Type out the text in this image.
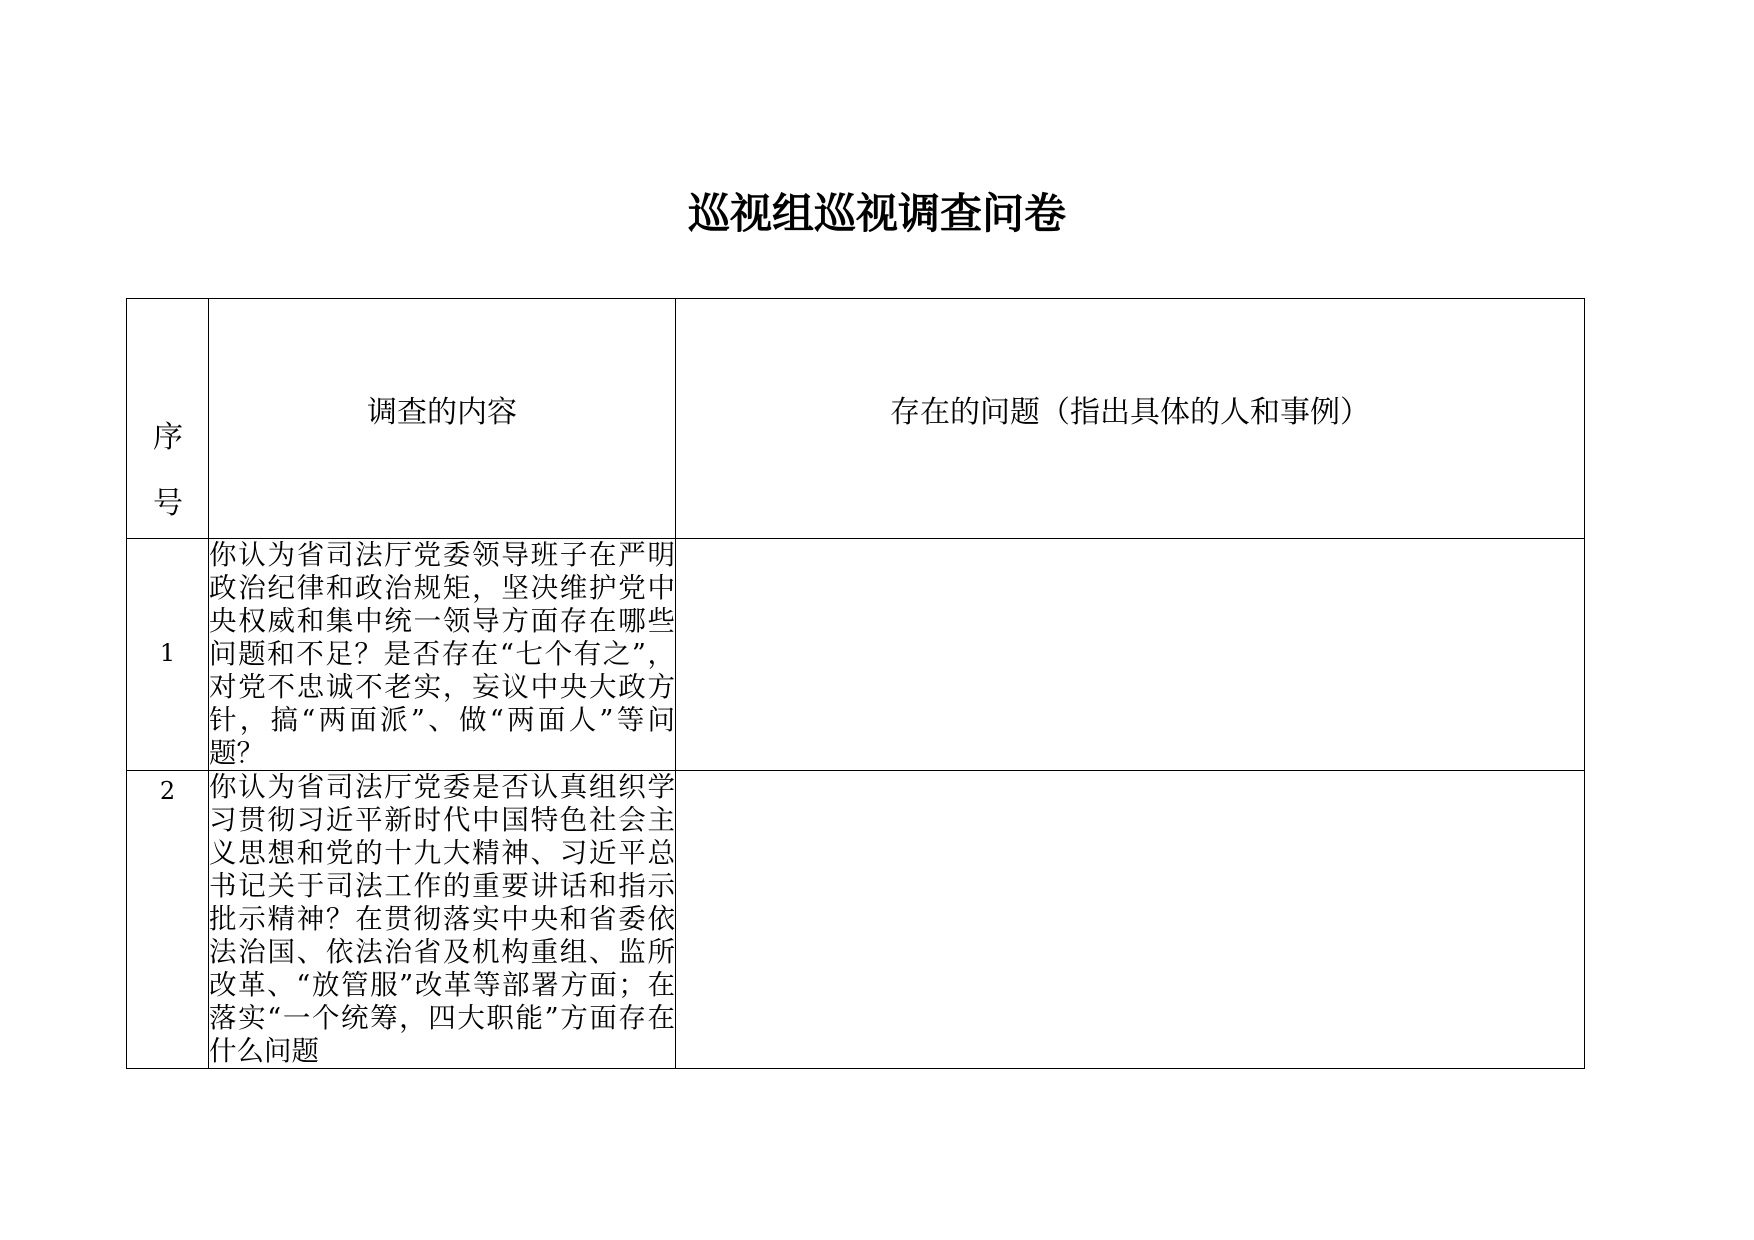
巡视组巡视调查问卷
序
号	调查的内容	存在的问题（指出具体的人和事例）

1	你认为省司法厅党委领导班子在严明政治纪律和政治规矩，坚决维护党中央权威和集中统一领导方面存在哪些问题和不足？是否存在“七个有之”，对党不忠诚不老实，妄议中央大政方针，搞“两面派”、做“两面人”等问题？	

2	你认为省司法厅党委是否认真组织学习贯彻习近平新时代中国特色社会主义思想和党的十九大精神、习近平总书记关于司法工作的重要讲话和指示批示精神？在贯彻落实中央和省委依法治国、依法治省及机构重组、监所改革、“放管服”改革等部署方面；在落实“一个统筹，四大职能”方面存在什么问题	
